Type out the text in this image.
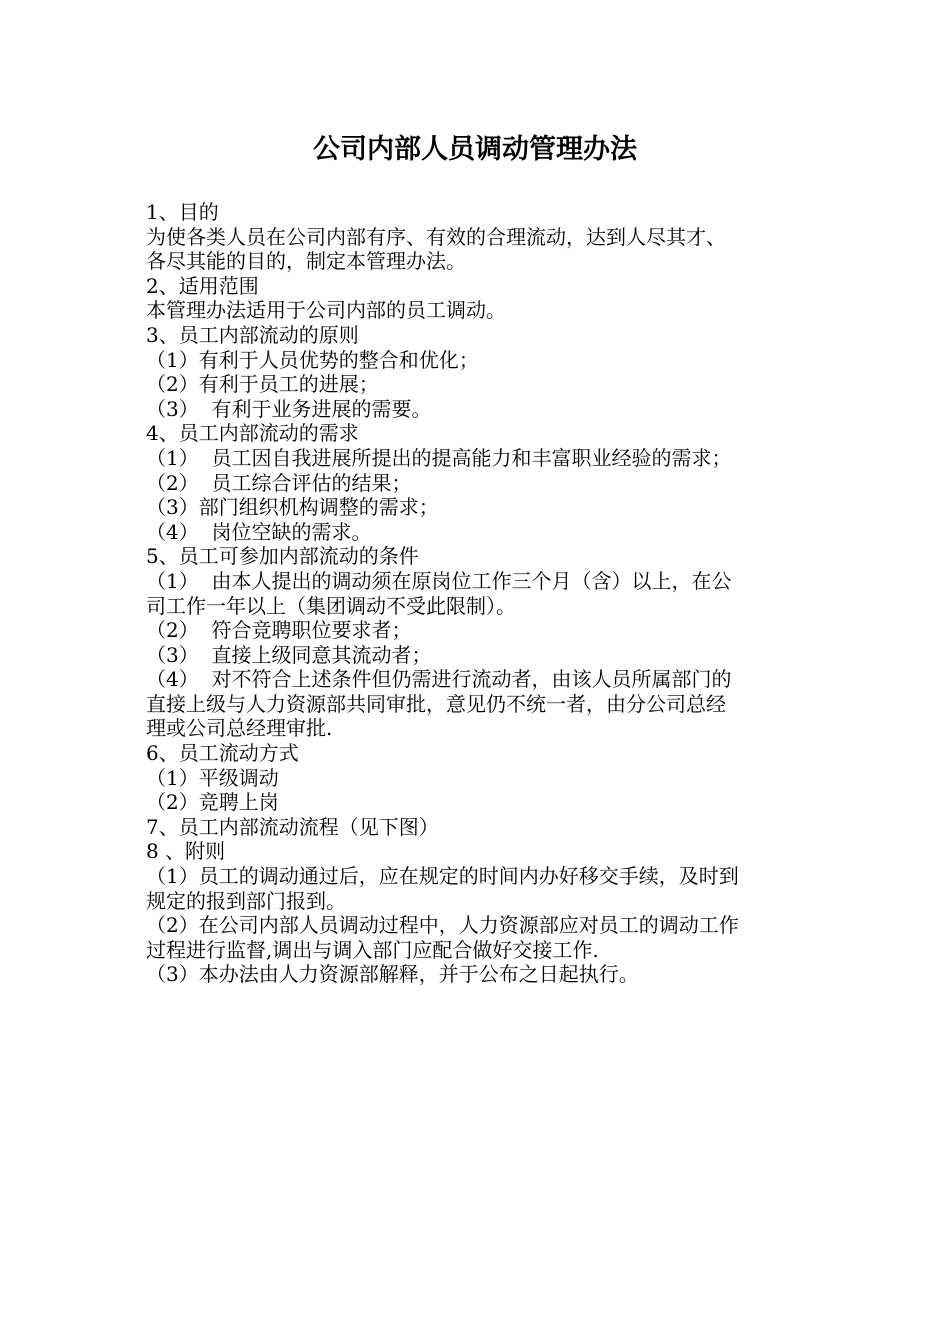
公司内部人员调动管理办法
1、目的
为使各类人员在公司内部有序、有效的合理流动，达到人尽其才、
各尽其能的目的，制定本管理办法。
2、适用范围
本管理办法适用于公司内部的员工调动。
3、员工内部流动的原则
（1）有利于人员优势的整合和优化；
（2）有利于员工的进展；
（3）  有利于业务进展的需要。
4、员工内部流动的需求
（1）  员工因自我进展所提出的提高能力和丰富职业经验的需求；
（2）  员工综合评估的结果；
（3）部门组织机构调整的需求；
（4）  岗位空缺的需求。
5、员工可参加内部流动的条件
（1）  由本人提出的调动须在原岗位工作三个月（含）以上，在公
司工作一年以上（集团调动不受此限制）。
（2）  符合竞聘职位要求者；
（3）  直接上级同意其流动者；
（4）  对不符合上述条件但仍需进行流动者，由该人员所属部门的
直接上级与人力资源部共同审批，意见仍不统一者，由分公司总经
理或公司总经理审批.
6、员工流动方式
（1）平级调动
（2）竞聘上岗
7、员工内部流动流程（见下图）
8 、附则
（1）员工的调动通过后，应在规定的时间内办好移交手续，及时到
规定的报到部门报到。
（2）在公司内部人员调动过程中，人力资源部应对员工的调动工作
过程进行监督,调出与调入部门应配合做好交接工作.
（3）本办法由人力资源部解释，并于公布之日起执行。
